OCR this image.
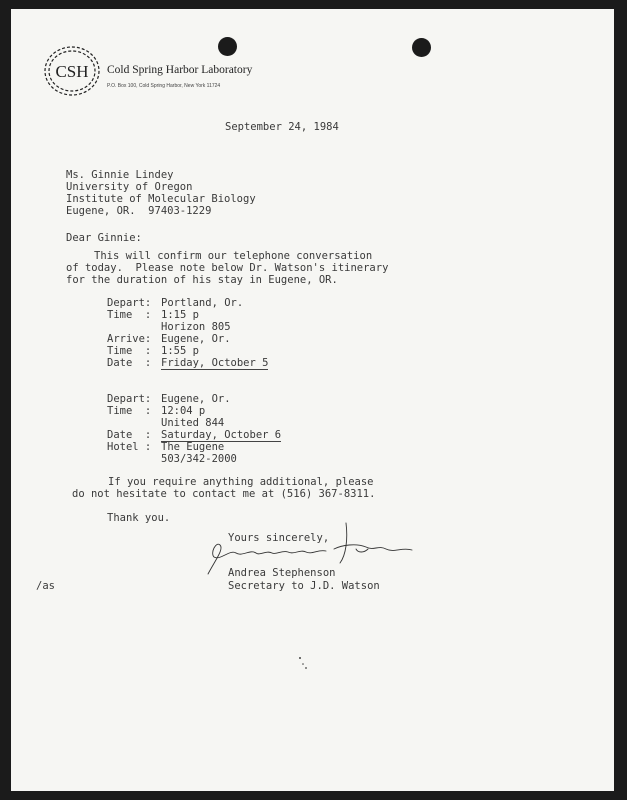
CSH Cold Spring Harbor Laboratory
P.O. Box 100, Cold Spring Harbor, New York 11724
September 24, 1984
Ms. Ginnie Lindey
University of Oregon
Institute of Molecular Biology
Eugene, OR.  97403-1229
Dear Ginnie:
This will confirm our telephone conversation
of today.  Please note below Dr. Watson's itinerary
for the duration of his stay in Eugene, OR.
Depart: Portland, Or.
Time  : 1:15 p
Horizon 805
Arrive: Eugene, Or.
Time  : 1:55 p
Date  : Friday, October 5
Depart: Eugene, Or.
Time  : 12:04 p
United 844
Date  : Saturday, October 6
Hotel : The Eugene
503/342-2000
If you require anything additional, please
do not hesitate to contact me at (516) 367-8311.
Thank you.
Yours sincerely,
Andrea Stephenson
Secretary to J.D. Watson
/as
